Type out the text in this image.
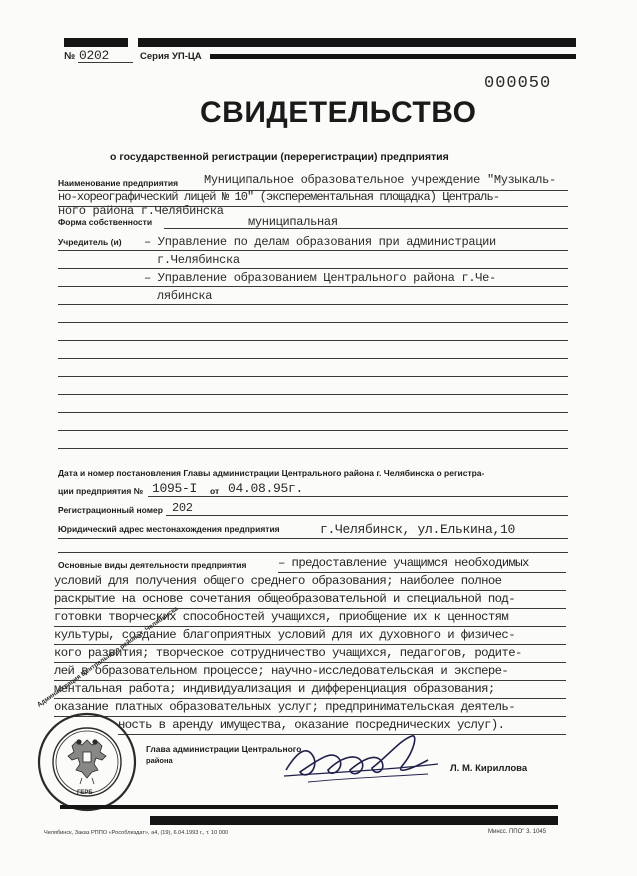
№ 0202	Серия УП-ЦА
000050
СВИДЕТЕЛЬСТВО
о государственной регистрации (перерегистрации) предприятия
Наименование предприятия Муниципальное образовательное учреждение "Музыкаль-
но-хореографический лицей № 10" (эксперементальная площадка) Централь-
ного района г.Челябинска
Форма собственности	муниципальная
Учредитель (и) – Управление по делам образования при администрации
г.Челябинска
– Управление образованием Центрального района г.Че-
лябинска
Дата и номер постановления Главы администрации Центрального района г. Челябинска о регистра-
ции предприятия № 1095-I от 04.08.95г.
Регистрационный номер 202
Юридический адрес местонахождения предприятия	г.Челябинск, ул.Елькина,10
Основные виды деятельности предприятия	– предоставление учащимся необходимых
условий для получения общего среднего образования; наиболее полное
раскрытие на основе сочетания общеобразовательной и специальной под-
готовки творческих способностей учащихся, приобщение их к ценностям
культуры, создание благоприятных условий для их духовного и физичес-
кого развития; творческое сотрудничество учащихся, педагогов, родите-
лей в образовательном процессе; научно-исследовательская и экспере-
ментальная работа; индивидуализация и дифференциация образования;
оказание платных образовательных услуг; предпринимательская деятель-
ность в аренду имущества, оказание посреднических услуг).
Глава администрации Центрального
района
Л. М. Кириллова
Администрация Центрального района г. Челябинска
ГЕРБ
Челябинск, Заказ РППО «Рособлиздат», а4, (19), 6.04.1993 г., т. 10 000	Минсс. ППО" 3. 1045
